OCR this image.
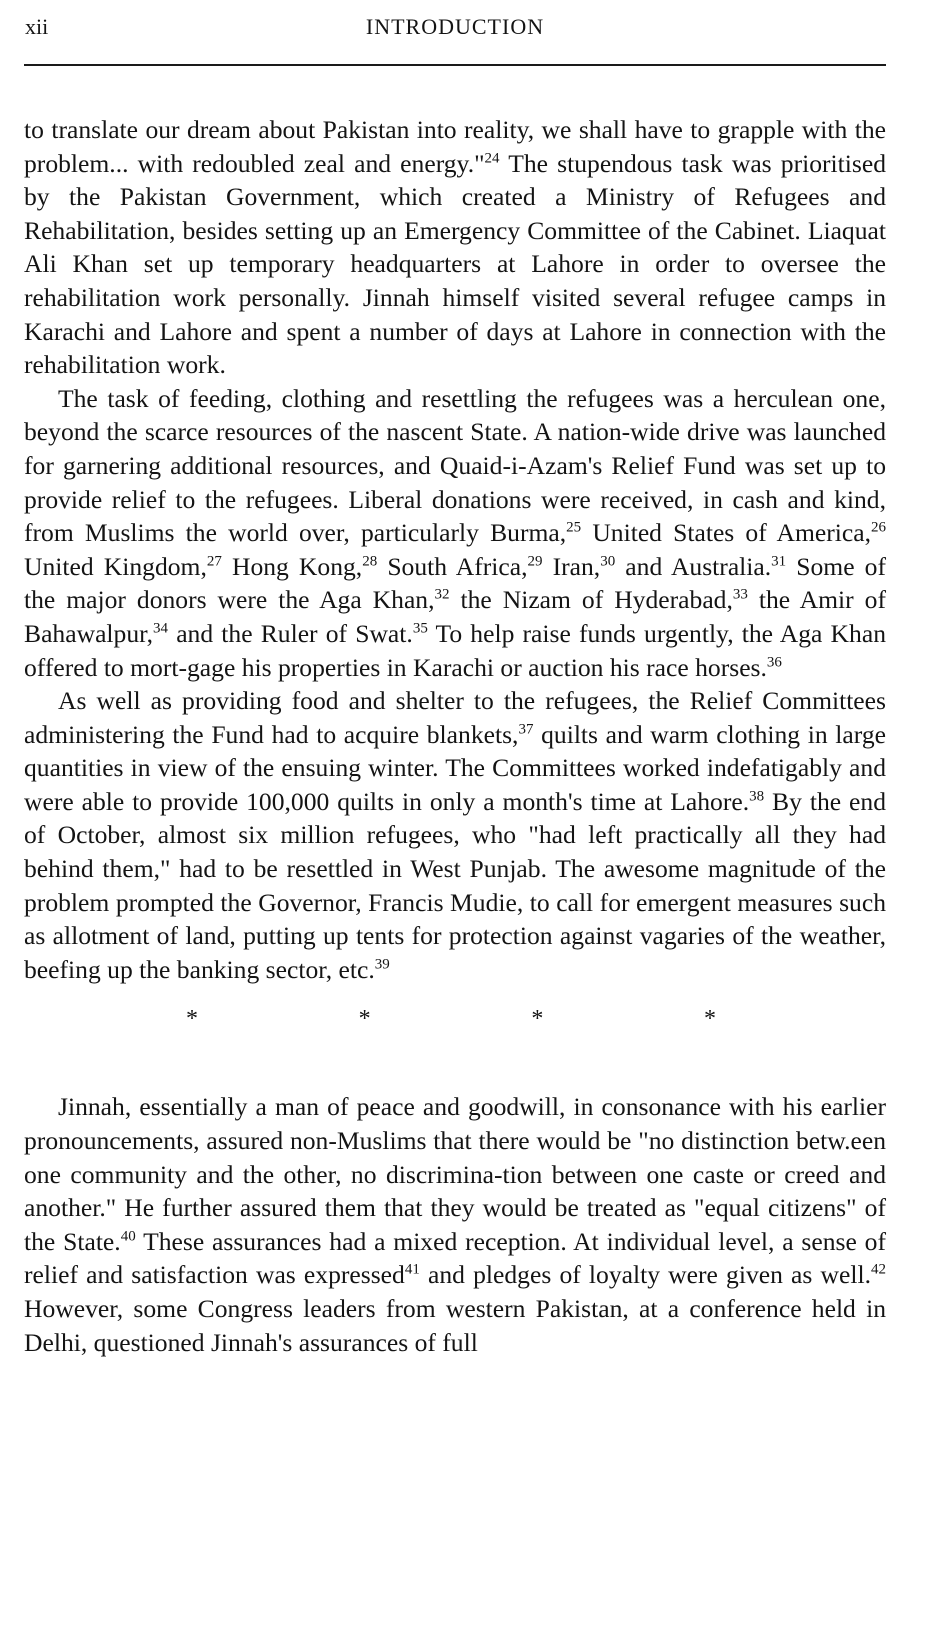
xii	INTRODUCTION

to translate our dream about Pakistan into reality, we shall have to grapple with the problem... with redoubled zeal and energy."$^{24}$ The stupendous task was prioritised by the Pakistan Government, which created a Ministry of Refugees and Rehabilitation, besides setting up an Emergency Committee of the Cabinet. Liaquat Ali Khan set up temporary headquarters at Lahore in order to oversee the rehabilitation work personally. Jinnah himself visited several refugee camps in Karachi and Lahore and spent a number of days at Lahore in connection with the rehabilitation work.

The task of feeding, clothing and resettling the refugees was a herculean one, beyond the scarce resources of the nascent State. A nation-wide drive was launched for garnering additional resources, and Quaid-i-Azam's Relief Fund was set up to provide relief to the refugees. Liberal donations were received, in cash and kind, from Muslims the world over, particularly Burma,$^{25}$ United States of America,$^{26}$ United Kingdom,$^{27}$ Hong Kong,$^{28}$ South Africa,$^{29}$ Iran,$^{30}$ and Australia.$^{31}$ Some of the major donors were the Aga Khan,$^{32}$ the Nizam of Hyderabad,$^{33}$ the Amir of Bahawalpur,$^{34}$ and the Ruler of Swat.$^{35}$ To help raise funds urgently, the Aga Khan offered to mort-gage his properties in Karachi or auction his race horses.$^{36}$

As well as providing food and shelter to the refugees, the Relief Committees administering the Fund had to acquire blankets,$^{37}$ quilts and warm clothing in large quantities in view of the ensuing winter. The Committees worked indefatigably and were able to provide 100,000 quilts in only a month's time at Lahore.$^{38}$ By the end of October, almost six million refugees, who "had left practically all they had behind them," had to be resettled in West Punjab. The awesome magnitude of the problem prompted the Governor, Francis Mudie, to call for emergent measures such as allotment of land, putting up tents for protection against vagaries of the weather, beefing up the banking sector, etc.$^{39}$

*	*	*	*

Jinnah, essentially a man of peace and goodwill, in consonance with his earlier pronouncements, assured non-Muslims that there would be "no distinction betw.een one community and the other, no discrimina-tion between one caste or creed and another." He further assured them that they would be treated as "equal citizens" of the State.$^{40}$ These assurances had a mixed reception. At individual level, a sense of relief and satisfaction was expressed$^{41}$ and pledges of loyalty were given as well.$^{42}$ However, some Congress leaders from western Pakistan, at a conference held in Delhi, questioned Jinnah's assurances of full
